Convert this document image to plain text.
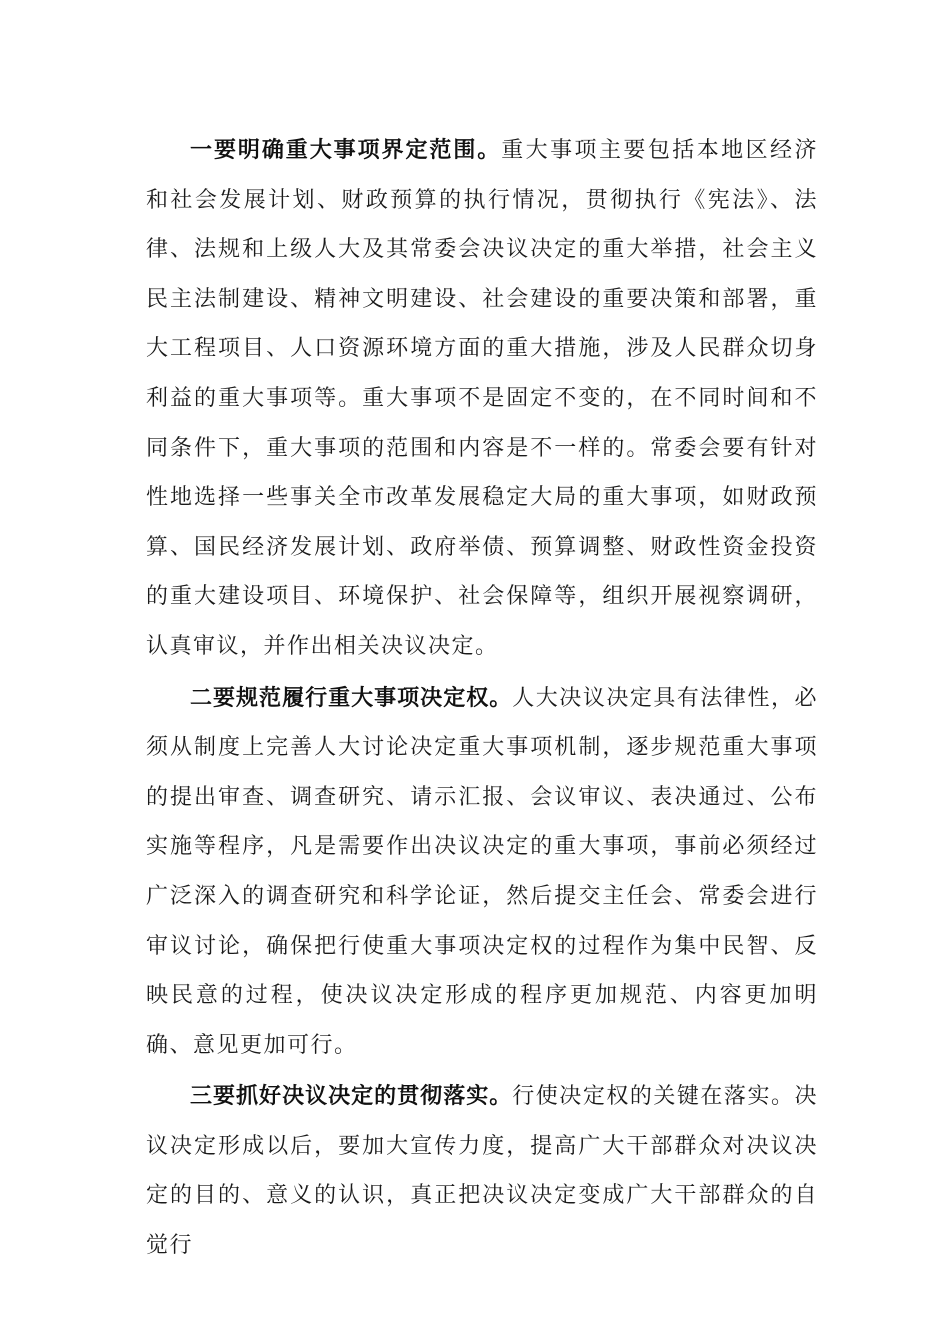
一要明确重大事项界定范围。重大事项主要包括本地区经济和社会发展计划、财政预算的执行情况，贯彻执行《宪法》、法律、法规和上级人大及其常委会决议决定的重大举措，社会主义民主法制建设、精神文明建设、社会建设的重要决策和部署，重大工程项目、人口资源环境方面的重大措施，涉及人民群众切身利益的重大事项等。重大事项不是固定不变的，在不同时间和不同条件下，重大事项的范围和内容是不一样的。常委会要有针对性地选择一些事关全市改革发展稳定大局的重大事项，如财政预算、国民经济发展计划、政府举债、预算调整、财政性资金投资的重大建设项目、环境保护、社会保障等，组织开展视察调研，认真审议，并作出相关决议决定。

二要规范履行重大事项决定权。人大决议决定具有法律性，必须从制度上完善人大讨论决定重大事项机制，逐步规范重大事项的提出审查、调查研究、请示汇报、会议审议、表决通过、公布实施等程序，凡是需要作出决议决定的重大事项，事前必须经过广泛深入的调查研究和科学论证，然后提交主任会、常委会进行审议讨论，确保把行使重大事项决定权的过程作为集中民智、反映民意的过程，使决议决定形成的程序更加规范、内容更加明确、意见更加可行。

三要抓好决议决定的贯彻落实。行使决定权的关键在落实。决议决定形成以后，要加大宣传力度，提高广大干部群众对决议决定的目的、意义的认识，真正把决议决定变成广大干部群众的自觉行
